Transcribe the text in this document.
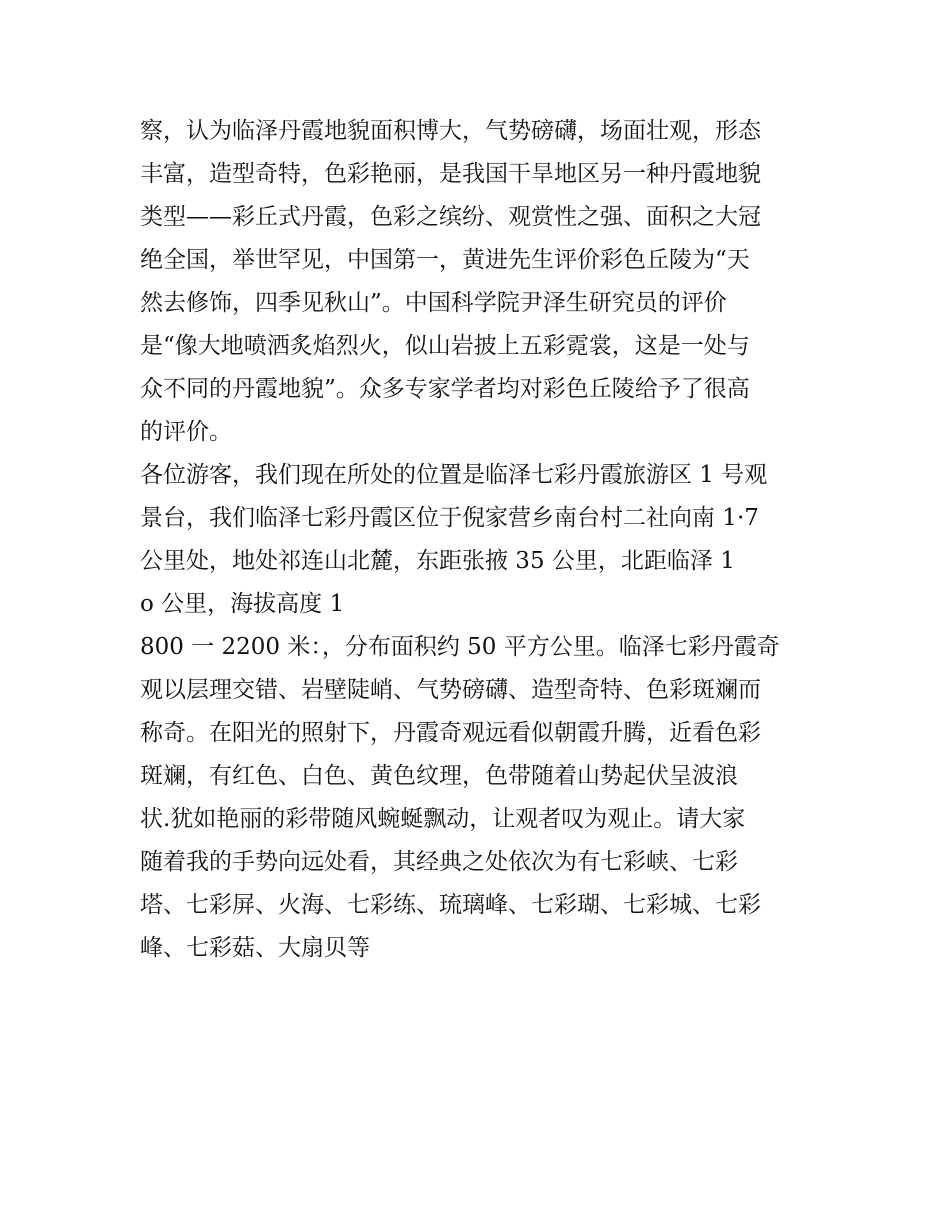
察，认为临泽丹霞地貌面积博大，气势磅礴，场面壮观，形态
丰富，造型奇特，色彩艳丽，是我国干旱地区另一种丹霞地貌
类型——彩丘式丹霞，色彩之缤纷、观赏性之强、面积之大冠
绝全国，举世罕见，中国第一，黄进先生评价彩色丘陵为“天
然去修饰，四季见秋山”。中国科学院尹泽生研究员的评价
是“像大地喷洒炙焰烈火，似山岩披上五彩霓裳，这是一处与
众不同的丹霞地貌”。众多专家学者均对彩色丘陵给予了很高
的评价。
各位游客，我们现在所处的位置是临泽七彩丹霞旅游区 1 号观
景台，我们临泽七彩丹霞区位于倪家营乡南台村二社向南 1·7
公里处，地处祁连山北麓，东距张掖 35 公里，北距临泽 1
o 公里，海拔高度 1
800 一 2200 米：，分布面积约 50 平方公里。临泽七彩丹霞奇
观以层理交错、岩壁陡峭、气势磅礴、造型奇特、色彩斑斓而
称奇。在阳光的照射下，丹霞奇观远看似朝霞升腾，近看色彩
斑斓，有红色、白色、黄色纹理，色带随着山势起伏呈波浪
状.犹如艳丽的彩带随风蜿蜒飘动，让观者叹为观止。请大家
随着我的手势向远处看，其经典之处依次为有七彩峡、七彩
塔、七彩屏、火海、七彩练、琉璃峰、七彩瑚、七彩城、七彩
峰、七彩菇、大扇贝等
